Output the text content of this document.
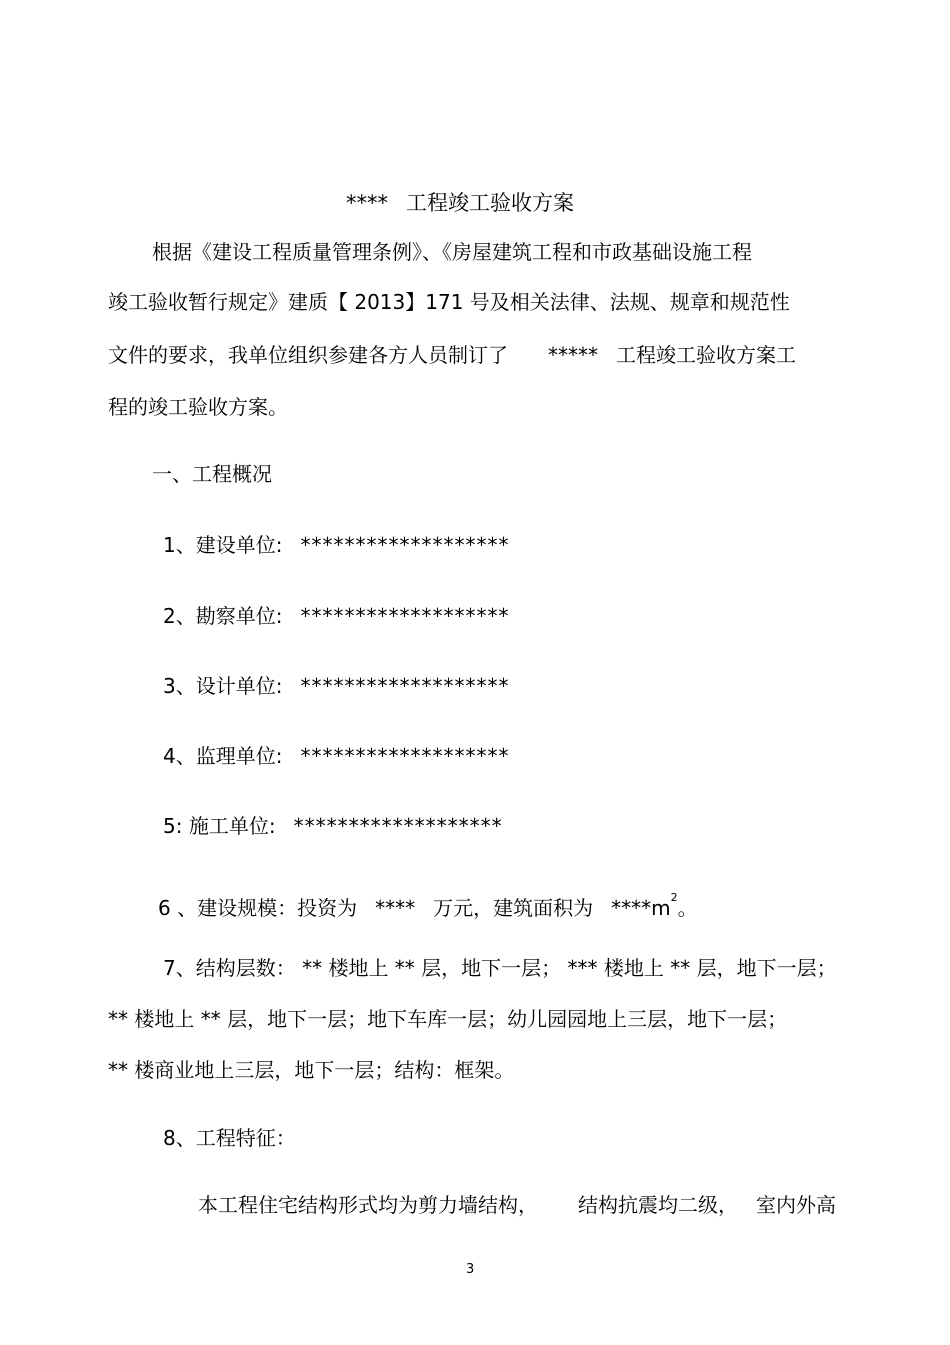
**** 工程竣工验收方案

根据《建设工程质量管理条例》、《房屋建筑工程和市政基础设施工程

竣工验收暂行规定》建质【 2013】171 号及相关法律、法规、规章和规范性

文件的要求，我单位组织参建各方人员制订了 ***** 工程竣工验收方案工

程的竣工验收方案。

一、工程概况

1、建设单位: *******************

2、勘察单位: *******************

3、设计单位: *******************

4、监理单位: *******************

5: 施工单位: *******************

6 、建设规模：投资为 **** 万元，建筑面积为 $****m^2$。

7、结构层数： ** 楼地上 ** 层，地下一层； *** 楼地上 ** 层，地下一层；

** 楼地上 ** 层，地下一层；地下车库一层；幼儿园园地上三层，地下一层；

** 楼商业地上三层，地下一层；结构：框架。

8、工程特征：

本工程住宅结构形式均为剪力墙结构， 结构抗震均二级， 室内外高

3
